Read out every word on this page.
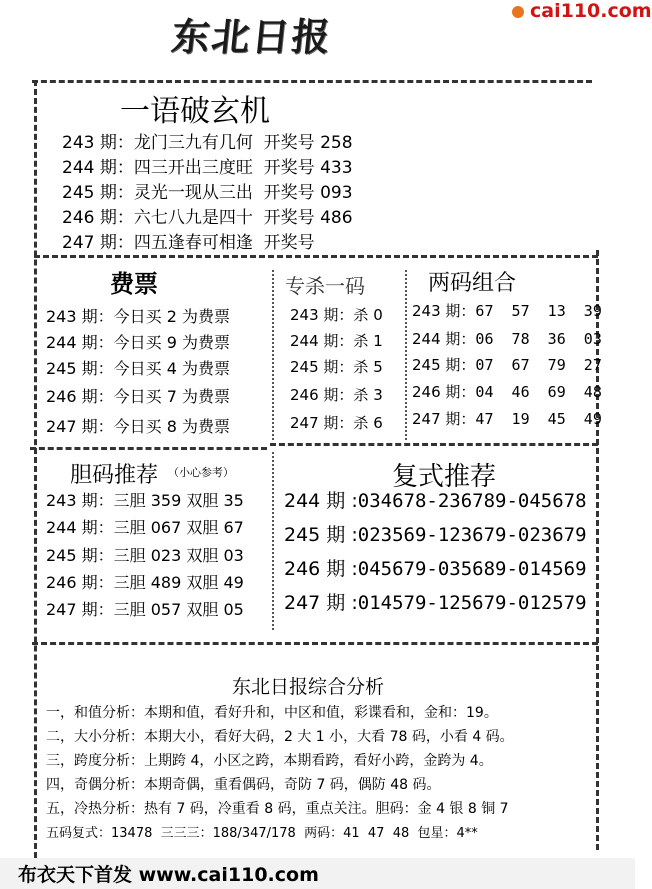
东北日报
cai110.com
一语破玄机
243 期：龙门三九有几何 开奖号 258
244 期：四三开出三度旺 开奖号 433
245 期：灵光一现从三出 开奖号 093
246 期：六七八九是四十 开奖号 486
247 期：四五逢春可相逢 开奖号
费票
243 期：今日买 2 为费票
244 期：今日买 9 为费票
245 期：今日买 4 为费票
246 期：今日买 7 为费票
247 期：今日买 8 为费票
专杀一码
243 期：杀 0
244 期：杀 1
245 期：杀 5
246 期：杀 3
247 期：杀 6
两码组合
243 期：67  57  13  39
244 期：06  78  36  03
245 期：07  67  79  27
246 期：04  46  69  48
247 期：47  19  45  49
胆码推荐 （小心参考）
243 期：三胆 359 双胆 35
244 期：三胆 067 双胆 67
245 期：三胆 023 双胆 03
246 期：三胆 489 双胆 49
247 期：三胆 057 双胆 05
复式推荐
244 期 :034678-236789-045678
245 期 :023569-123679-023679
246 期 :045679-035689-014569
247 期 :014579-125679-012579
东北日报综合分析
一，和值分析：本期和值，看好升和，中区和值，彩谍看和，金和：19。
二，大小分析：本期大小，看好大码，2 大 1 小，大看 78 码，小看 4 码。
三，跨度分析：上期跨 4，小区之跨，本期看跨，看好小跨，金跨为 4。
四，奇偶分析：本期奇偶，重看偶码，奇防 7 码，偶防 48 码。
五，冷热分析：热有 7 码，冷重看 8 码，重点关注。胆码：金 4 银 8 铜 7
五码复式：13478  三三三：188/347/178  两码：41  47  48  包星：4**
布衣天下首发 www.cai110.com
